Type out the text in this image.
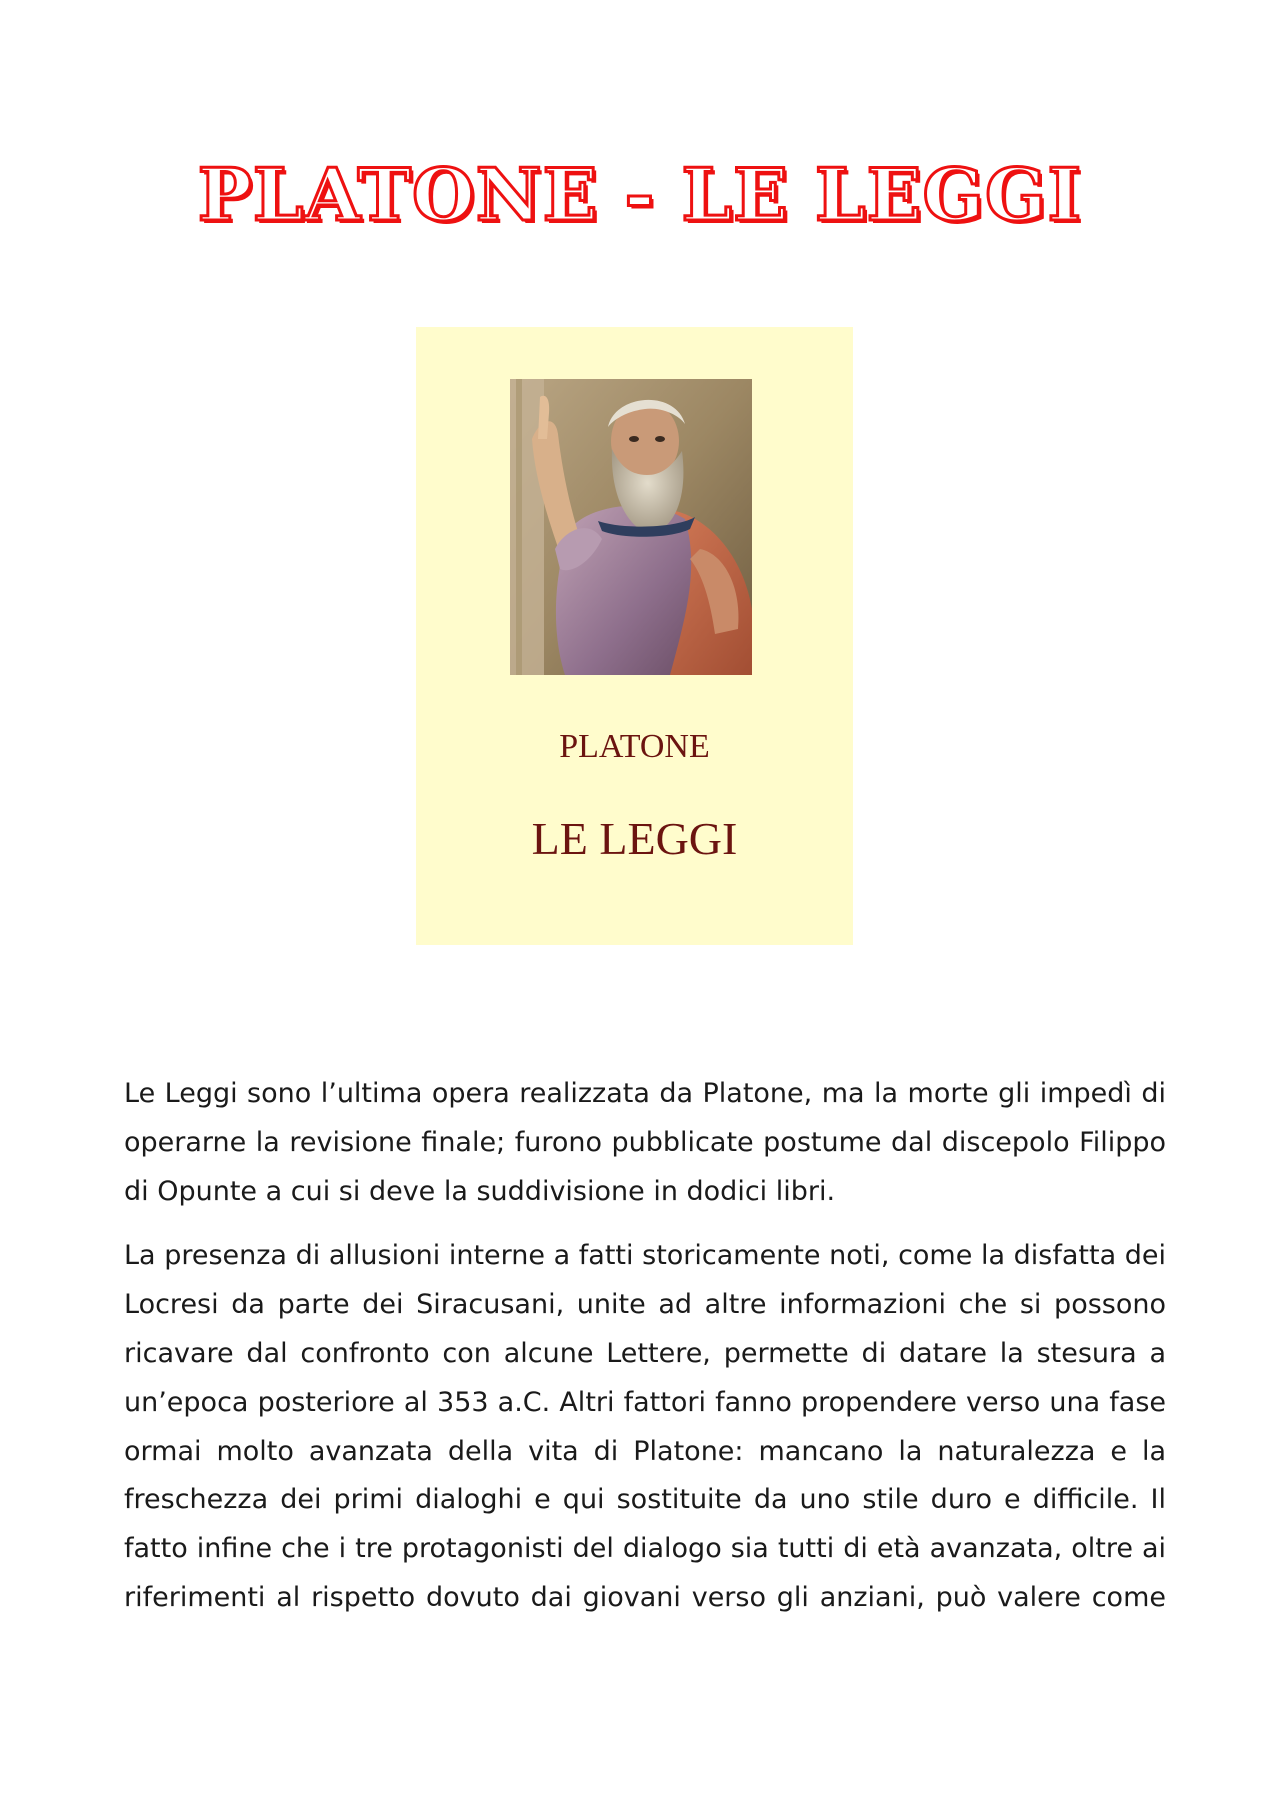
PLATONE - LE LEGGI
PLATONE
LE LEGGI

Le Leggi sono l’ultima opera realizzata da Platone, ma la morte gli impedì di operarne la revisione finale; furono pubblicate postume dal discepolo Filippo di Opunte a cui si deve la suddivisione in dodici libri.

La presenza di allusioni interne a fatti storicamente noti, come la disfatta dei Locresi da parte dei Siracusani, unite ad altre informazioni che si possono ricavare dal confronto con alcune Lettere, permette di datare la stesura a un’epoca posteriore al 353 a.C. Altri fattori fanno propendere verso una fase ormai molto avanzata della vita di Platone: mancano la naturalezza e la freschezza dei primi dialoghi e qui sostituite da uno stile duro e difficile. Il fatto infine che i tre protagonisti del dialogo sia tutti di età avanzata, oltre ai riferimenti al rispetto dovuto dai giovani verso gli anziani, può valere come
